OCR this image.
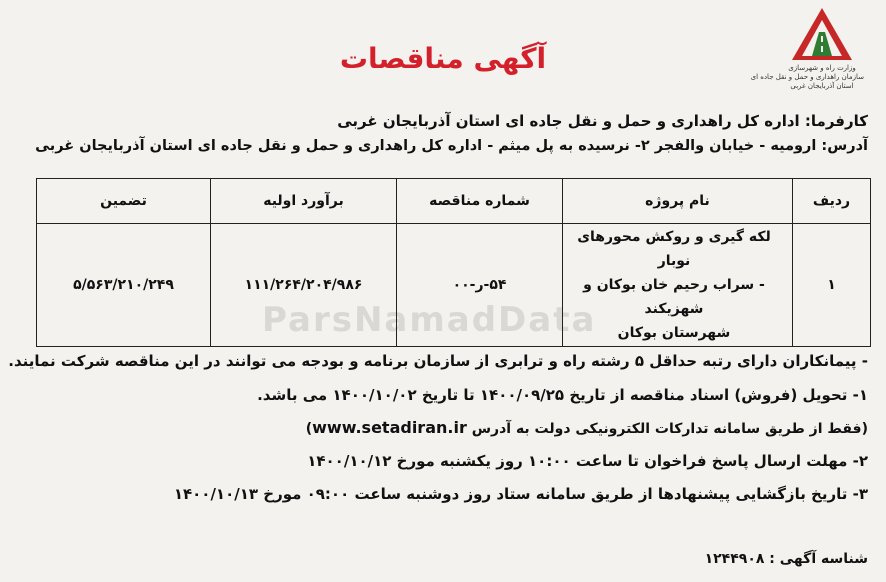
وزارت راه و شهرسازی
سازمان راهداری و حمل و نقل جاده ای
استان آذربایجان غربی
آگهی مناقصات
کارفرما: اداره کل راهداری و حمل و نقل جاده ای استان آذربایجان غربی
آدرس: ارومیه - خیابان والفجر ۲- نرسیده به پل میثم - اداره کل راهداری و حمل و نقل جاده ای استان آذربایجان غربی
ParsNamadData
ردیف	نام پروژه	شماره مناقصه	برآورد اولیه	تضمین
۱	لکه گیری و روکش محورهای نوبار
- سراب رحیم خان بوکان و شهزیکند
شهرستان بوکان	۵۴-ر-۰۰	۱۱۱/۲۶۴/۲۰۴/۹۸۶	۵/۵۶۳/۲۱۰/۲۴۹
- پیمانکاران دارای رتبه حداقل ۵ رشته راه و ترابری از سازمان برنامه و بودجه می توانند در این مناقصه شرکت نمایند.
۱- تحویل (فروش) اسناد مناقصه از تاریخ ۱۴۰۰/۰۹/۲۵ تا تاریخ ۱۴۰۰/۱۰/۰۲ می باشد.
(فقط از طریق سامانه تدارکات الکترونیکی دولت به آدرس www.setadiran.ir)
۲- مهلت ارسال پاسخ فراخوان تا ساعت ۱۰:۰۰ روز یکشنبه مورخ ۱۴۰۰/۱۰/۱۲
۳- تاریخ بازگشایی پیشنهادها از طریق سامانه ستاد روز دوشنبه ساعت ۰۹:۰۰ مورخ ۱۴۰۰/۱۰/۱۳
شناسه آگهی : ۱۲۴۴۹۰۸
